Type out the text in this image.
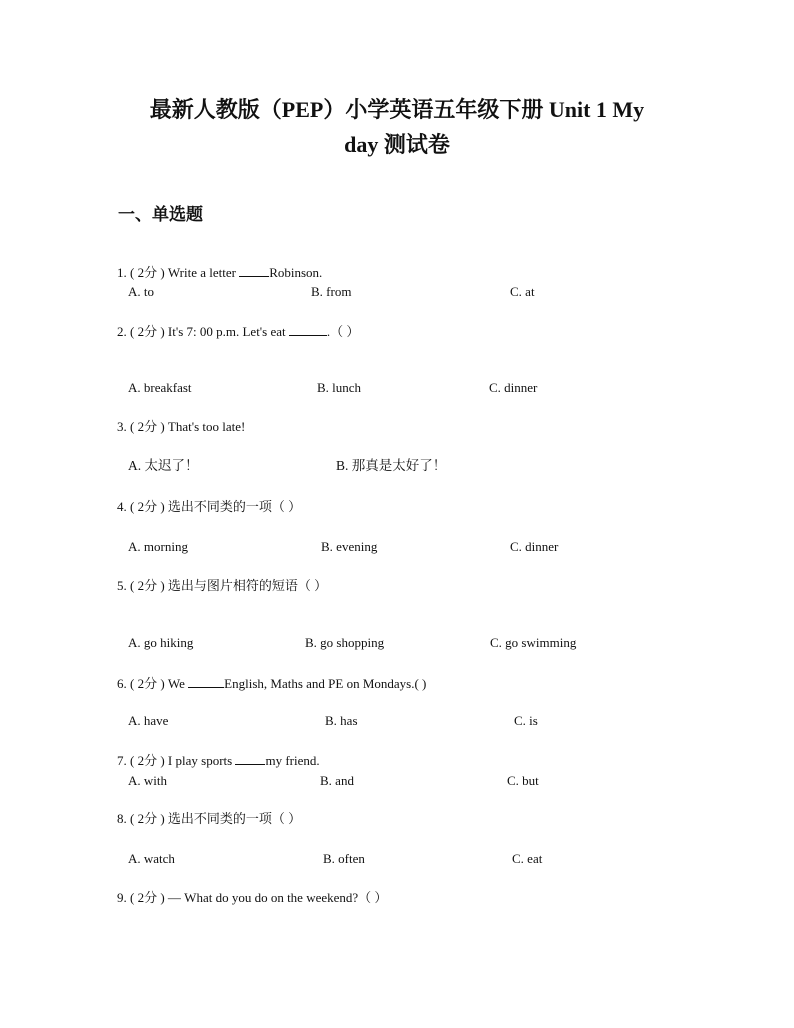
最新人教版（PEP）小学英语五年级下册 Unit 1 My
day 测试卷
一、单选题
1. ( 2分 ) Write a letter	Robinson.
A. to	B. from	C. at
2. ( 2分 ) It's 7: 00 p.m. Let's eat	.（ ）
A. breakfast	B. lunch	C. dinner
3. ( 2分 ) That's too late!
A. 太迟了！	B. 那真是太好了！
4. ( 2分 ) 选出不同类的一项（ ）
A. morning	B. evening	C. dinner
5. ( 2分 ) 选出与图片相符的短语（ ）
A. go hiking	B. go shopping	C. go swimming
6. ( 2分 ) We	English, Maths and PE on Mondays.( )
A. have	B. has	C. is
7. ( 2分 ) I play sports	my friend.
A. with	B. and	C. but
8. ( 2分 ) 选出不同类的一项（ ）
A. watch	B. often	C. eat
9. ( 2分 ) — What do you do on the weekend?（ ）
